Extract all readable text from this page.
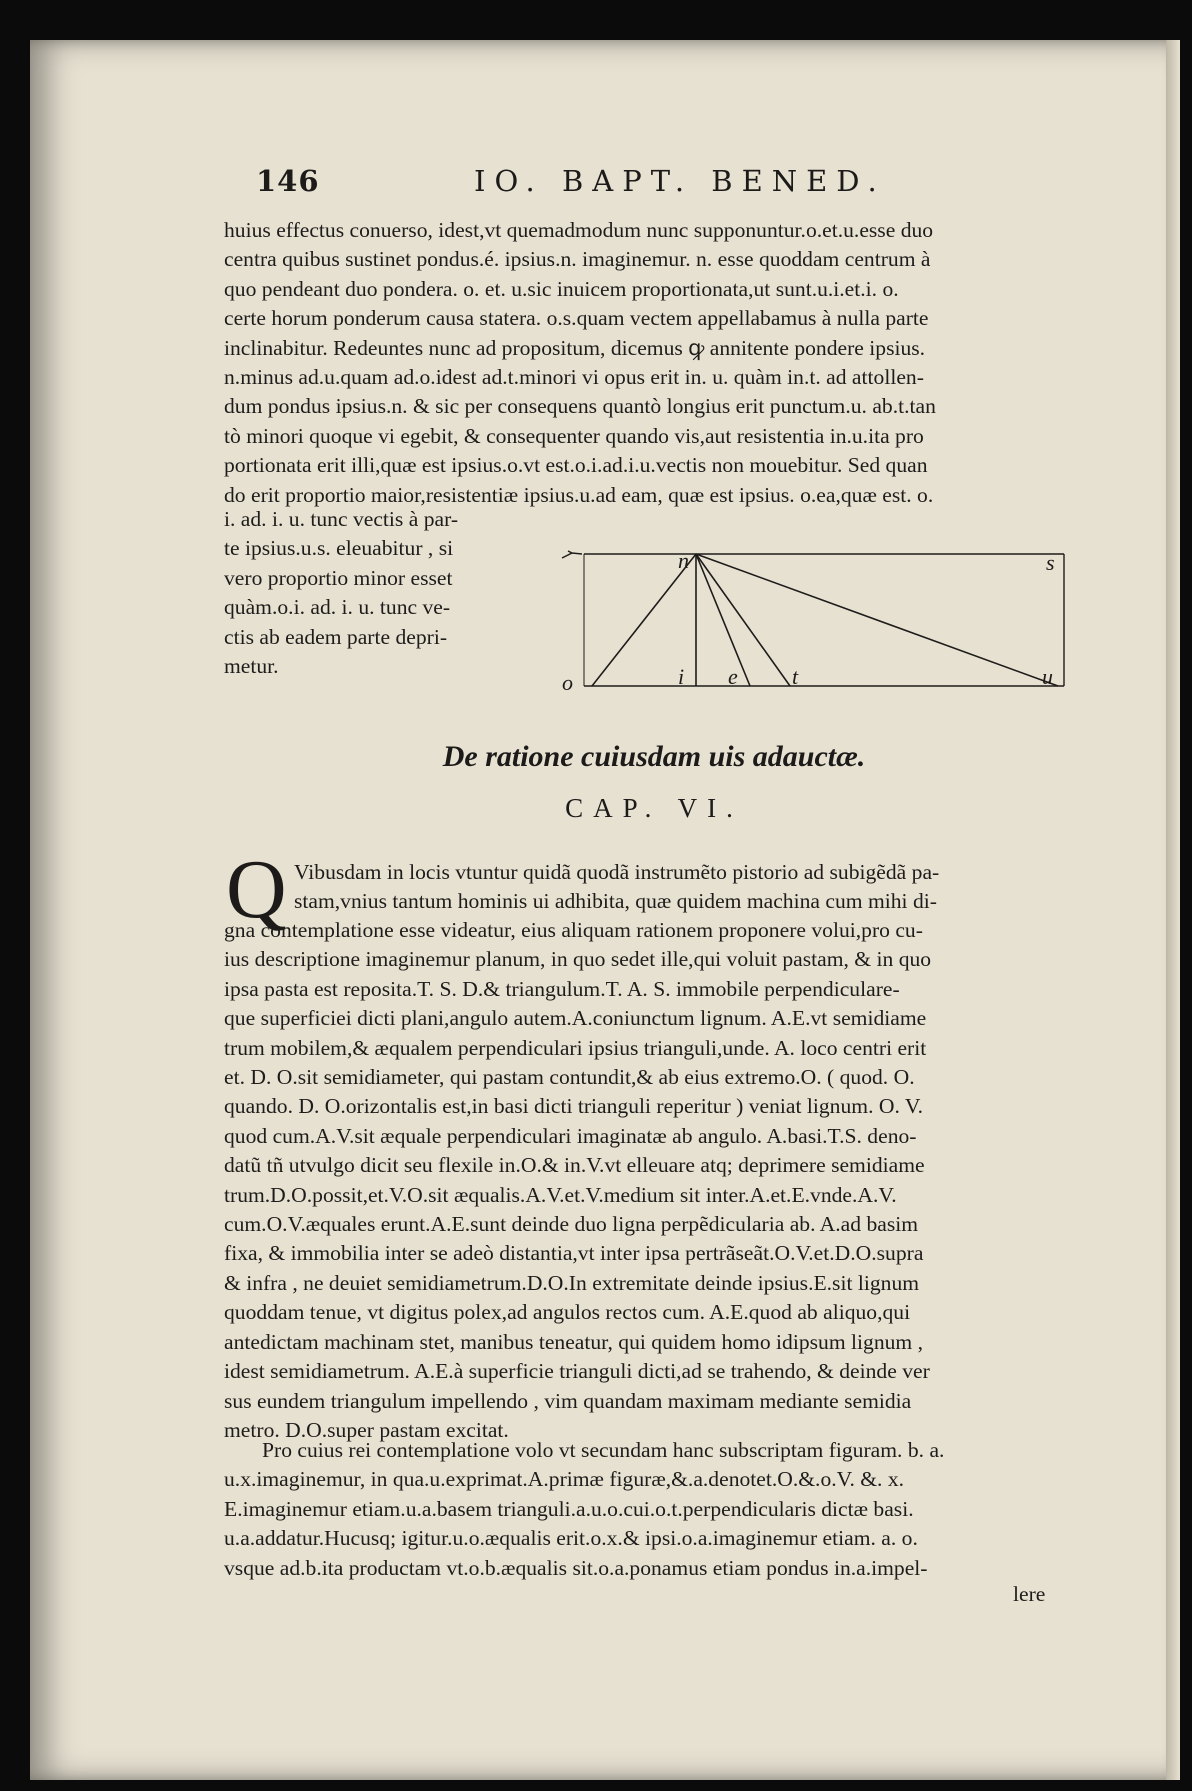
146	IO. BAPT. BENED.
huius effectus conuerso, idest,vt quemadmodum nunc supponuntur.o.et.u.esse duo
centra quibus sustinet pondus.é. ipsius.n. imaginemur. n. esse quoddam centrum à
quo pendeant duo pondera. o. et. u.sic inuicem proportionata,ut sunt.u.i.et.i. o.
certe horum ponderum causa statera. o.s.quam vectem appellabamus à nulla parte
inclinabitur. Redeuntes nunc ad propositum, dicemus ꝙ annitente pondere ipsius.
n.minus ad.u.quam ad.o.idest ad.t.minori vi opus erit in. u. quàm in.t. ad attollen-
dum pondus ipsius.n. & sic per consequens quantò longius erit punctum.u. ab.t.tan
tò minori quoque vi egebit, & consequenter quando vis,aut resistentia in.u.ita pro
portionata erit illi,quæ est ipsius.o.vt est.o.i.ad.i.u.vectis non mouebitur. Sed quan
do erit proportio maior,resistentiæ ipsius.u.ad eam, quæ est ipsius. o.ea,quæ est. o.
i. ad. i. u. tunc vectis à par-
te ipsius.u.s. eleuabitur , si
vero proportio minor esset
quàm.o.i. ad. i. u. tunc ve-
ctis ab eadem parte depri-
metur.
n	s
o	i e t	u
De ratione cuiusdam uis adauctæ.
CAP. VI.
Q Vibusdam in locis vtuntur quidã quodã instrumẽto pistorio ad subigẽdã pa-
stam,vnius tantum hominis ui adhibita, quæ quidem machina cum mihi di-
gna contemplatione esse videatur, eius aliquam rationem proponere volui,pro cu-
ius descriptione imaginemur planum, in quo sedet ille,qui voluit pastam, & in quo
ipsa pasta est reposita.T. S. D.& triangulum.T. A. S. immobile perpendiculare-
que superficiei dicti plani,angulo autem.A.coniunctum lignum. A.E.vt semidiame
trum mobilem,& æqualem perpendiculari ipsius trianguli,unde. A. loco centri erit
et. D. O.sit semidiameter, qui pastam contundit,& ab eius extremo.O. ( quod. O.
quando. D. O.orizontalis est,in basi dicti trianguli reperitur ) veniat lignum. O. V.
quod cum.A.V.sit æquale perpendiculari imaginatæ ab angulo. A.basi.T.S. deno-
datũ tñ utvulgo dicit seu flexile in.O.& in.V.vt elleuare atq; deprimere semidiame
trum.D.O.possit,et.V.O.sit æqualis.A.V.et.V.medium sit inter.A.et.E.vnde.A.V.
cum.O.V.æquales erunt.A.E.sunt deinde duo ligna perpẽdicularia ab. A.ad basim
fixa, & immobilia inter se adeò distantia,vt inter ipsa pertrãseãt.O.V.et.D.O.supra
& infra , ne deuiet semidiametrum.D.O.In extremitate deinde ipsius.E.sit lignum
quoddam tenue, vt digitus polex,ad angulos rectos cum. A.E.quod ab aliquo,qui
antedictam machinam stet, manibus teneatur, qui quidem homo idipsum lignum ,
idest semidiametrum. A.E.à superficie trianguli dicti,ad se trahendo, & deinde ver
sus eundem triangulum impellendo , vim quandam maximam mediante semidia
metro. D.O.super pastam excitat.
Pro cuius rei contemplatione volo vt secundam hanc subscriptam figuram. b. a.
u.x.imaginemur, in qua.u.exprimat.A.primæ figuræ,&.a.denotet.O.&.o.V. &. x.
E.imaginemur etiam.u.a.basem trianguli.a.u.o.cui.o.t.perpendicularis dictæ basi.
u.a.addatur.Hucusq; igitur.u.o.æqualis erit.o.x.& ipsi.o.a.imaginemur etiam. a. o.
vsque ad.b.ita productam vt.o.b.æqualis sit.o.a.ponamus etiam pondus in.a.impel-
lere
